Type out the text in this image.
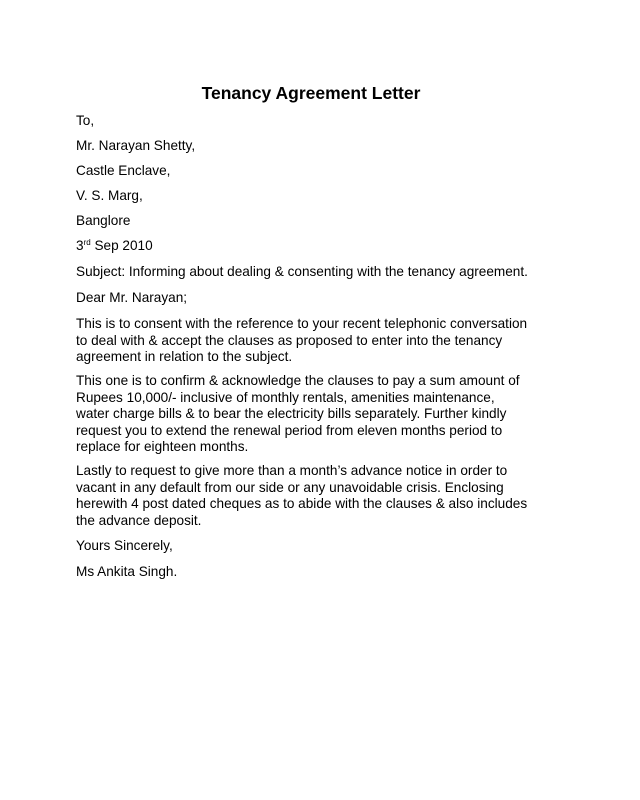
Tenancy Agreement Letter
To,
Mr. Narayan Shetty,
Castle Enclave,
V. S. Marg,
Banglore
3rd Sep 2010
Subject: Informing about dealing & consenting with the tenancy agreement.
Dear Mr. Narayan;
This is to consent with the reference to your recent telephonic conversation
to deal with & accept the clauses as proposed to enter into the tenancy
agreement in relation to the subject.
This one is to confirm & acknowledge the clauses to pay a sum amount of
Rupees 10,000/- inclusive of monthly rentals, amenities maintenance,
water charge bills & to bear the electricity bills separately. Further kindly
request you to extend the renewal period from eleven months period to
replace for eighteen months.
Lastly to request to give more than a month’s advance notice in order to
vacant in any default from our side or any unavoidable crisis. Enclosing
herewith 4 post dated cheques as to abide with the clauses & also includes
the advance deposit.
Yours Sincerely,
Ms Ankita Singh.
